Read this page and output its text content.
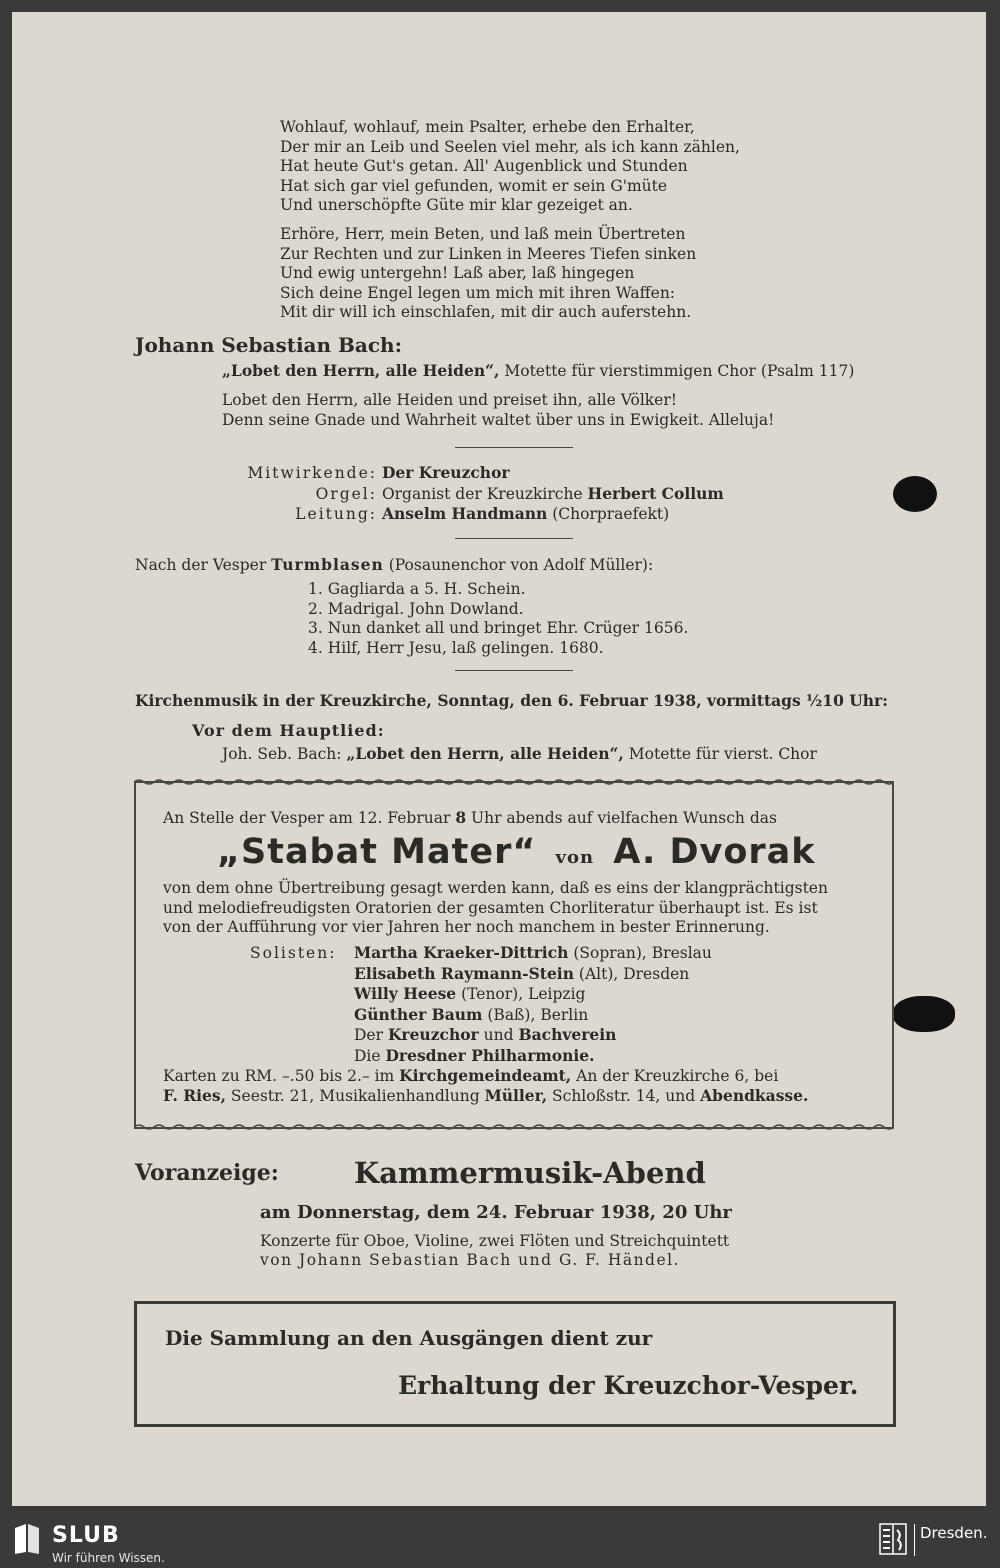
Wohlauf, wohlauf, mein Psalter, erhebe den Erhalter,
Der mir an Leib und Seelen viel mehr, als ich kann zählen,
Hat heute Gut's getan. All' Augenblick und Stunden
Hat sich gar viel gefunden, womit er sein G'müte
Und unerschöpfte Güte mir klar gezeiget an.
Erhöre, Herr, mein Beten, und laß mein Übertreten
Zur Rechten und zur Linken in Meeres Tiefen sinken
Und ewig untergehn! Laß aber, laß hingegen
Sich deine Engel legen um mich mit ihren Waffen:
Mit dir will ich einschlafen, mit dir auch auferstehn.
Johann Sebastian Bach:
„Lobet den Herrn, alle Heiden“, Motette für vierstimmigen Chor (Psalm 117)
Lobet den Herrn, alle Heiden und preiset ihn, alle Völker!
Denn seine Gnade und Wahrheit waltet über uns in Ewigkeit. Alleluja!
Mitwirkende: Der Kreuzchor
Orgel: Organist der Kreuzkirche Herbert Collum
Leitung: Anselm Handmann (Chorpraefekt)
Nach der Vesper Turmblasen (Posaunenchor von Adolf Müller):
1. Gagliarda a 5. H. Schein.
2. Madrigal. John Dowland.
3. Nun danket all und bringet Ehr. Crüger 1656.
4. Hilf, Herr Jesu, laß gelingen. 1680.
Kirchenmusik in der Kreuzkirche, Sonntag, den 6. Februar 1938, vormittags ½10 Uhr:
Vor dem Hauptlied:
Joh. Seb. Bach: „Lobet den Herrn, alle Heiden“, Motette für vierst. Chor
An Stelle der Vesper am 12. Februar 8 Uhr abends auf vielfachen Wunsch das
„Stabat Mater“ von A. Dvorak
von dem ohne Übertreibung gesagt werden kann, daß es eins der klangprächtigsten
und melodiefreudigsten Oratorien der gesamten Chorliteratur überhaupt ist. Es ist
von der Aufführung vor vier Jahren her noch manchem in bester Erinnerung.
Solisten: Martha Kraeker-Dittrich (Sopran), Breslau
Elisabeth Raymann-Stein (Alt), Dresden
Willy Heese (Tenor), Leipzig
Günther Baum (Baß), Berlin
Der Kreuzchor und Bachverein
Die Dresdner Philharmonie.
Karten zu RM. –.50 bis 2.– im Kirchgemeindeamt, An der Kreuzkirche 6, bei
F. Ries, Seestr. 21, Musikalienhandlung Müller, Schloßstr. 14, und Abendkasse.
Voranzeige:	Kammermusik-Abend
am Donnerstag, dem 24. Februar 1938, 20 Uhr
Konzerte für Oboe, Violine, zwei Flöten und Streichquintett
von Johann Sebastian Bach und G. F. Händel.
Die Sammlung an den Ausgängen dient zur
Erhaltung der Kreuzchor-Vesper.
SLUB
Wir führen Wissen.
Dresden.
